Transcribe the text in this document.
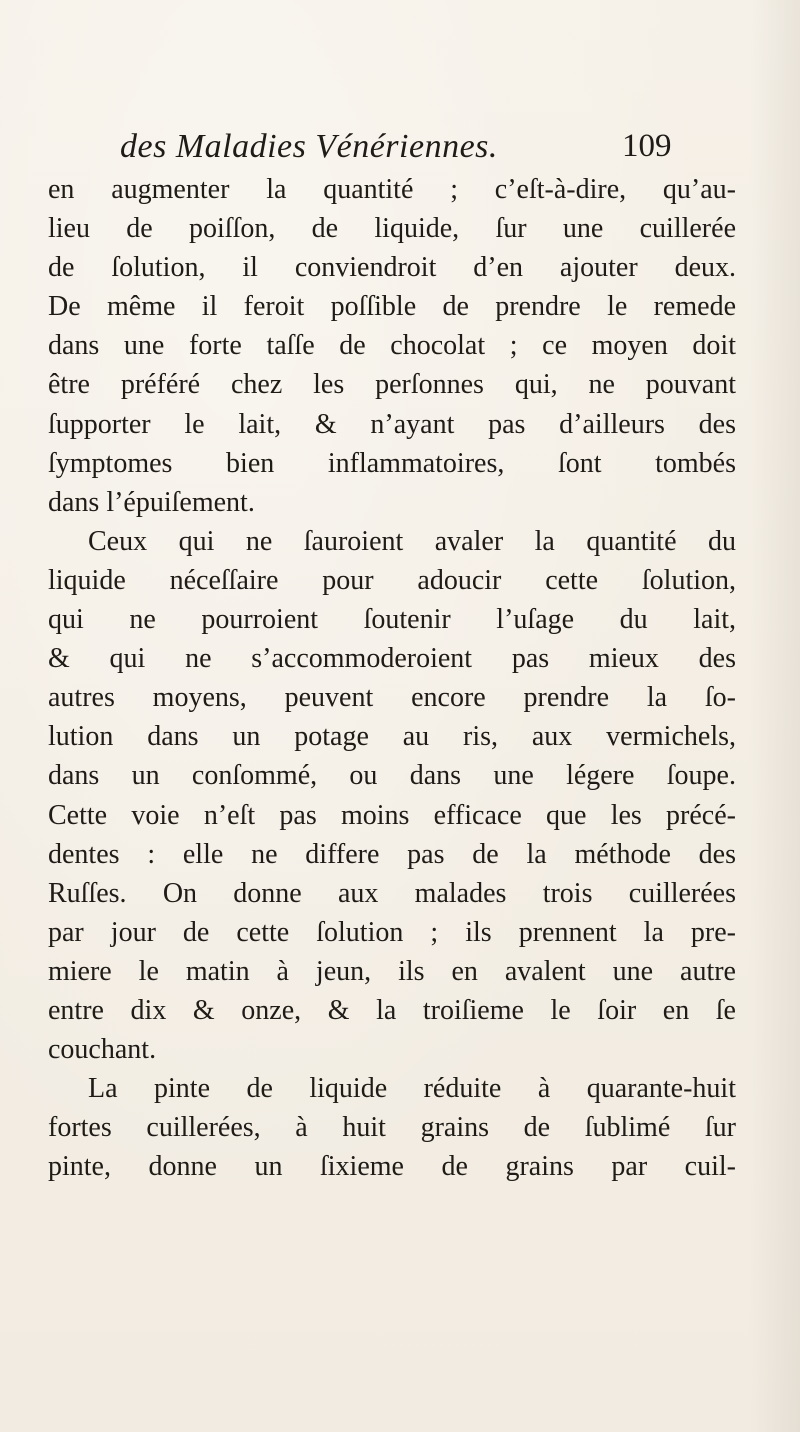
des Maladies Vénériennes.	109
en augmenter la quantité ; c’eſt-à-dire, qu’au-
lieu de poiſſon, de liquide, ſur une cuillerée
de ſolution, il conviendroit d’en ajouter deux.
De même il feroit poſſible de prendre le remede
dans une forte taſſe de chocolat ; ce moyen doit
être préféré chez les perſonnes qui, ne pouvant
ſupporter le lait, & n’ayant pas d’ailleurs des
ſymptomes bien inflammatoires, ſont tombés
dans l’épuiſement.
Ceux qui ne ſauroient avaler la quantité du
liquide néceſſaire pour adoucir cette ſolution,
qui ne pourroient ſoutenir l’uſage du lait,
& qui ne s’accommoderoient pas mieux des
autres moyens, peuvent encore prendre la ſo-
lution dans un potage au ris, aux vermichels,
dans un conſommé, ou dans une légere ſoupe.
Cette voie n’eſt pas moins efficace que les précé-
dentes : elle ne differe pas de la méthode des
Ruſſes. On donne aux malades trois cuillerées
par jour de cette ſolution ; ils prennent la pre-
miere le matin à jeun, ils en avalent une autre
entre dix & onze, & la troiſieme le ſoir en ſe
couchant.
La pinte de liquide réduite à quarante-huit
fortes cuillerées, à huit grains de ſublimé ſur
pinte, donne un ſixieme de grains par cuil-
